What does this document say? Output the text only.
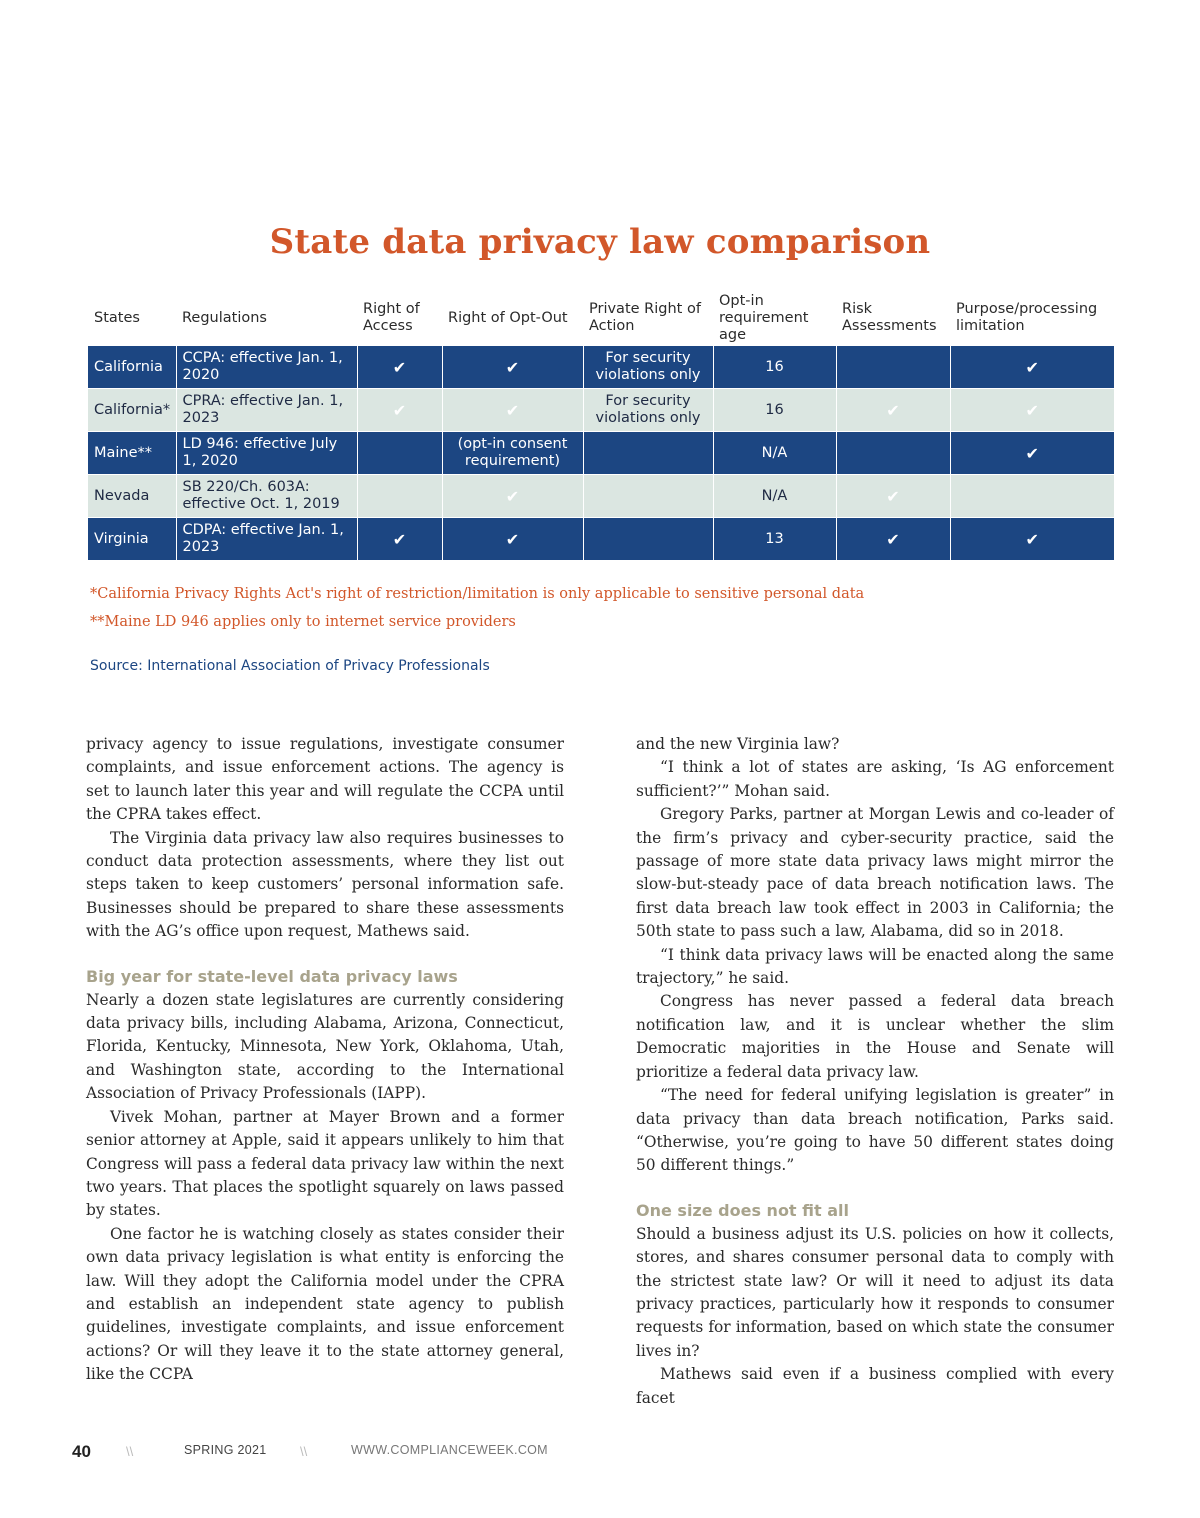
State data privacy law comparison
States	Regulations	Right of Access	Right of Opt-Out	Private Right of Action	Opt-in requirement age	Risk Assessments	Purpose/processing limitation
California	CCPA: effective Jan. 1, 2020	✔	✔	For security violations only	16		✔
California*	CPRA: effective Jan. 1, 2023	✔	✔	For security violations only	16	✔	✔
Maine**	LD 946: effective July 1, 2020		(opt-in consent requirement)		N/A		✔
Nevada	SB 220/Ch. 603A: effective Oct. 1, 2019		✔		N/A	✔	
Virginia	CDPA: effective Jan. 1, 2023	✔	✔		13	✔	✔
*California Privacy Rights Act's right of restriction/limitation is only applicable to sensitive personal data
**Maine LD 946 applies only to internet service providers
Source: International Association of Privacy Professionals

privacy agency to issue regulations, investigate consumer complaints, and issue enforcement actions. The agency is set to launch later this year and will regulate the CCPA until the CPRA takes effect.

The Virginia data privacy law also requires businesses to conduct data protection assessments, where they list out steps taken to keep customers’ personal information safe. Businesses should be prepared to share these assessments with the AG’s office upon request, Mathews said.

Big year for state-level data privacy laws

Nearly a dozen state legislatures are currently considering data privacy bills, including Alabama, Arizona, Connecticut, Florida, Kentucky, Minnesota, New York, Oklahoma, Utah, and Washington state, according to the International Association of Privacy Professionals (IAPP).

Vivek Mohan, partner at Mayer Brown and a former senior attorney at Apple, said it appears unlikely to him that Congress will pass a federal data privacy law within the next two years. That places the spotlight squarely on laws passed by states.

One factor he is watching closely as states consider their own data privacy legislation is what entity is enforcing the law. Will they adopt the California model under the CPRA and establish an independent state agency to publish guidelines, investigate complaints, and issue enforcement actions? Or will they leave it to the state attorney general, like the CCPA

and the new Virginia law?

“I think a lot of states are asking, ‘Is AG enforcement sufficient?’” Mohan said.

Gregory Parks, partner at Morgan Lewis and co-leader of the firm’s privacy and cyber-security practice, said the passage of more state data privacy laws might mirror the slow-but-steady pace of data breach notification laws. The first data breach law took effect in 2003 in California; the 50th state to pass such a law, Alabama, did so in 2018.

“I think data privacy laws will be enacted along the same trajectory,” he said.

Congress has never passed a federal data breach notification law, and it is unclear whether the slim Democratic majorities in the House and Senate will prioritize a federal data privacy law.

“The need for federal unifying legislation is greater” in data privacy than data breach notification, Parks said. “Otherwise, you’re going to have 50 different states doing 50 different things.”

One size does not fit all

Should a business adjust its U.S. policies on how it collects, stores, and shares consumer personal data to comply with the strictest state law? Or will it need to adjust its data privacy practices, particularly how it responds to consumer requests for information, based on which state the consumer lives in?

Mathews said even if a business complied with every facet

40	\\	SPRING 2021	\\	WWW.COMPLIANCEWEEK.COM
